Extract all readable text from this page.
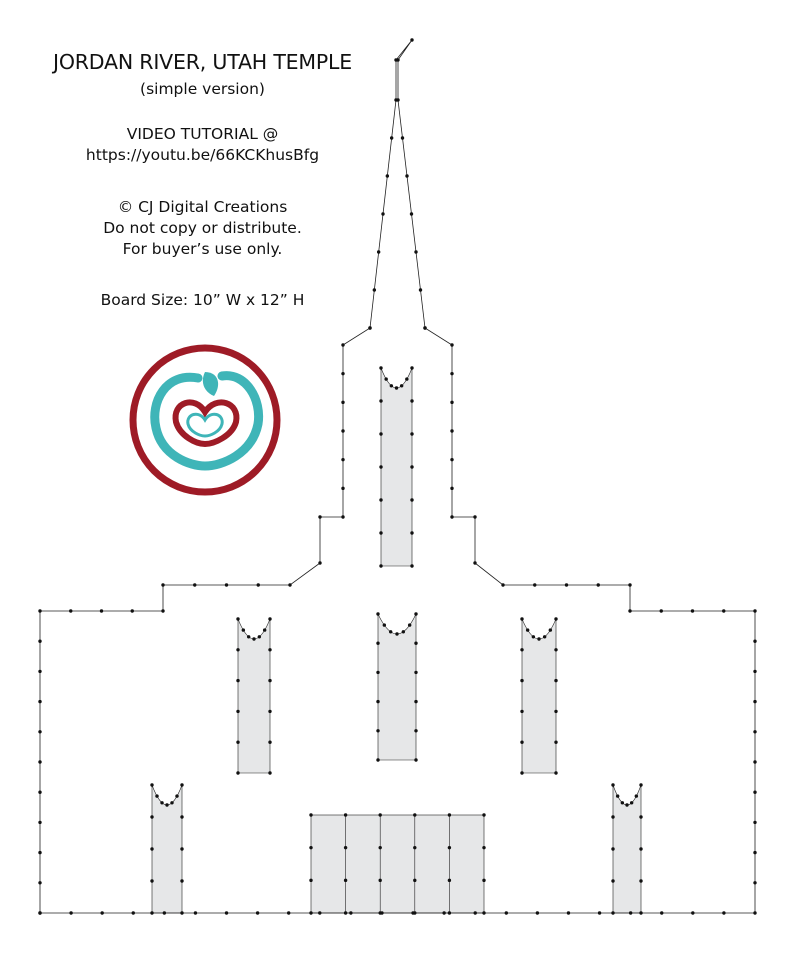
JORDAN RIVER, UTAH TEMPLE
(simple version)
VIDEO TUTORIAL @
https://youtu.be/66KCKhusBfg
© CJ Digital Creations
Do not copy or distribute.
For buyer’s use only.
Board Size: 10” W x 12” H
